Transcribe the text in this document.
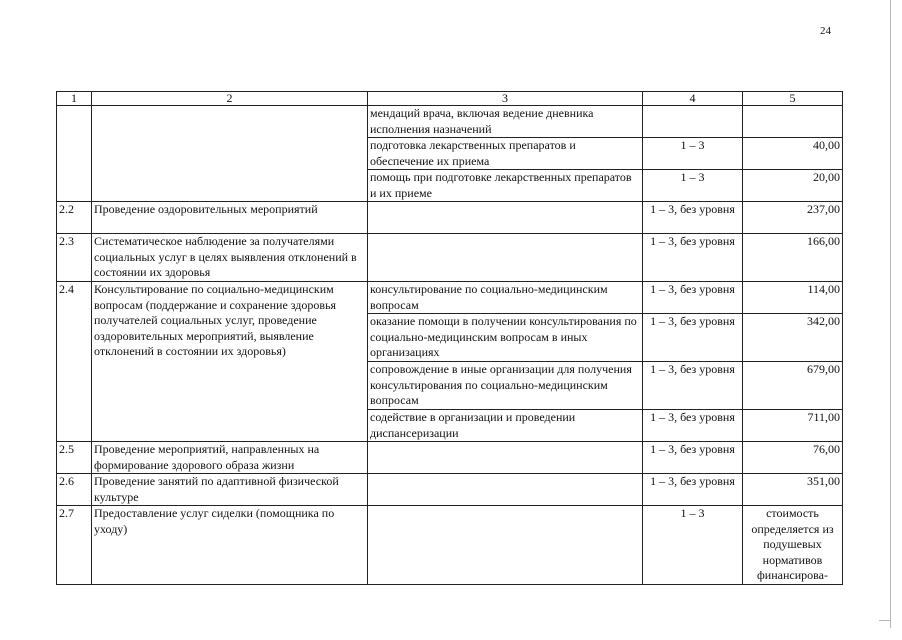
24
1	2	3	4	5
		мендаций врача, включая ведение дневника исполнения назначений		
		подготовка лекарственных препаратов и обеспечение их приема	1 – 3	40,00
		помощь при подготовке лекарственных препаратов и их приеме	1 – 3	20,00
2.2	Проведение оздоровительных мероприятий		1 – 3, без уровня	237,00
2.3	Систематическое наблюдение за получателями социальных услуг в целях выявления отклонений в состоянии их здоровья		1 – 3, без уровня	166,00
2.4	Консультирование по социально-медицинским вопросам (поддержание и сохранение здоровья получателей социальных услуг, проведение оздоровительных мероприятий, выявление отклонений в состоянии их здоровья)	консультирование по социально-медицинским вопросам	1 – 3, без уровня	114,00
		оказание помощи в получении консультирования по социально-медицинским вопросам в иных организациях	1 – 3, без уровня	342,00
		сопровождение в иные организации для получения консультирования по социально-медицинским вопросам	1 – 3, без уровня	679,00
		содействие в организации и проведении диспансеризации	1 – 3, без уровня	711,00
2.5	Проведение мероприятий, направленных на формирование здорового образа жизни		1 – 3, без уровня	76,00
2.6	Проведение занятий по адаптивной физической культуре		1 – 3, без уровня	351,00
2.7	Предоставление услуг сиделки (помощника по уходу)		1 – 3	стоимость определяется из подушевых нормативов финансирова-
